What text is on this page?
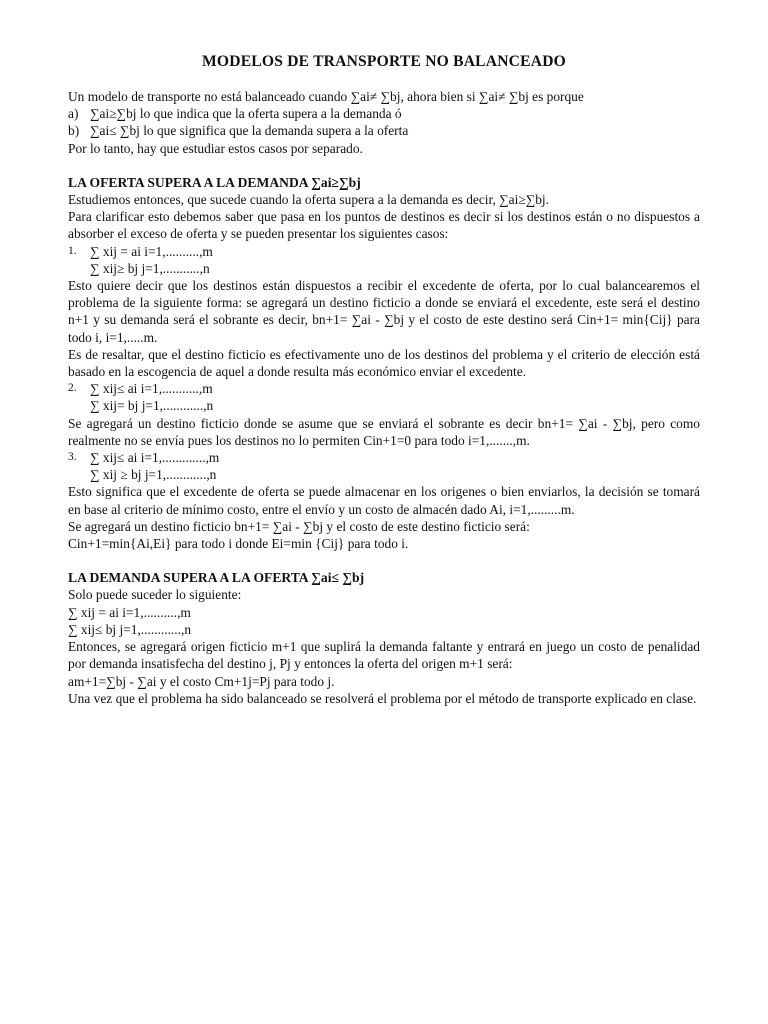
MODELOS DE TRANSPORTE NO BALANCEADO

Un modelo de transporte no está balanceado cuando ∑ai≠ ∑bj, ahora bien si ∑ai≠ ∑bj es porque

a) ∑ai≥∑bj lo que indica que la oferta supera a la demanda ó
b) ∑ai≤ ∑bj lo que significa que la demanda supera a la oferta

Por lo tanto, hay que estudiar estos casos por separado.

LA OFERTA SUPERA A LA DEMANDA ∑ai≥∑bj

Estudiemos entonces, que sucede cuando la oferta supera a la demanda es decir, ∑ai≥∑bj.

Para clarificar esto debemos saber que pasa en los puntos de destinos es decir si los destinos están o no dispuestos a absorber el exceso de oferta y se pueden presentar los siguientes casos:

1. ∑ xij = ai i=1,..........,m

∑ xij≥ bj j=1,...........,n

Esto quiere decir que los destinos están dispuestos a recibir el excedente de oferta, por lo cual balancearemos el problema de la siguiente forma: se agregará un destino ficticio a donde se enviará el excedente, este será el destino n+1 y su demanda será el sobrante es decir, bn+1= ∑ai - ∑bj y el costo de este destino será Cin+1= min{Cij} para todo i, i=1,.....m.

Es de resaltar, que el destino ficticio es efectivamente uno de los destinos del problema y el criterio de elección está basado en la escogencia de aquel a donde resulta más económico enviar el excedente.

2. ∑ xij≤ ai i=1,...........,m

∑ xij= bj j=1,............,n

Se agregará un destino ficticio donde se asume que se enviará el sobrante es decir bn+1= ∑ai - ∑bj, pero como realmente no se envía pues los destinos no lo permiten Cin+1=0 para todo i=1,.......,m.

3. ∑ xij≤ ai i=1,.............,m

∑ xij ≥ bj j=1,............,n

Esto significa que el excedente de oferta se puede almacenar en los origenes o bien enviarlos, la decisión se tomará en base al criterio de mínimo costo, entre el envío y un costo de almacén dado Ai, i=1,.........m.

Se agregará un destino ficticio bn+1= ∑ai - ∑bj y el costo de este destino ficticio será:

Cin+1=min{Ai,Ei} para todo i donde Ei=min {Cij} para todo i.

LA DEMANDA SUPERA A LA OFERTA ∑ai≤ ∑bj

Solo puede suceder lo siguiente:

∑ xij = ai i=1,..........,m

∑ xij≤ bj j=1,............,n

Entonces, se agregará origen ficticio m+1 que suplirá la demanda faltante y entrará en juego un costo de penalidad por demanda insatisfecha del destino j, Pj y entonces la oferta del origen m+1 será:

am+1=∑bj - ∑ai y el costo Cm+1j=Pj para todo j.

Una vez que el problema ha sido balanceado se resolverá el problema por el método de transporte explicado en clase.
